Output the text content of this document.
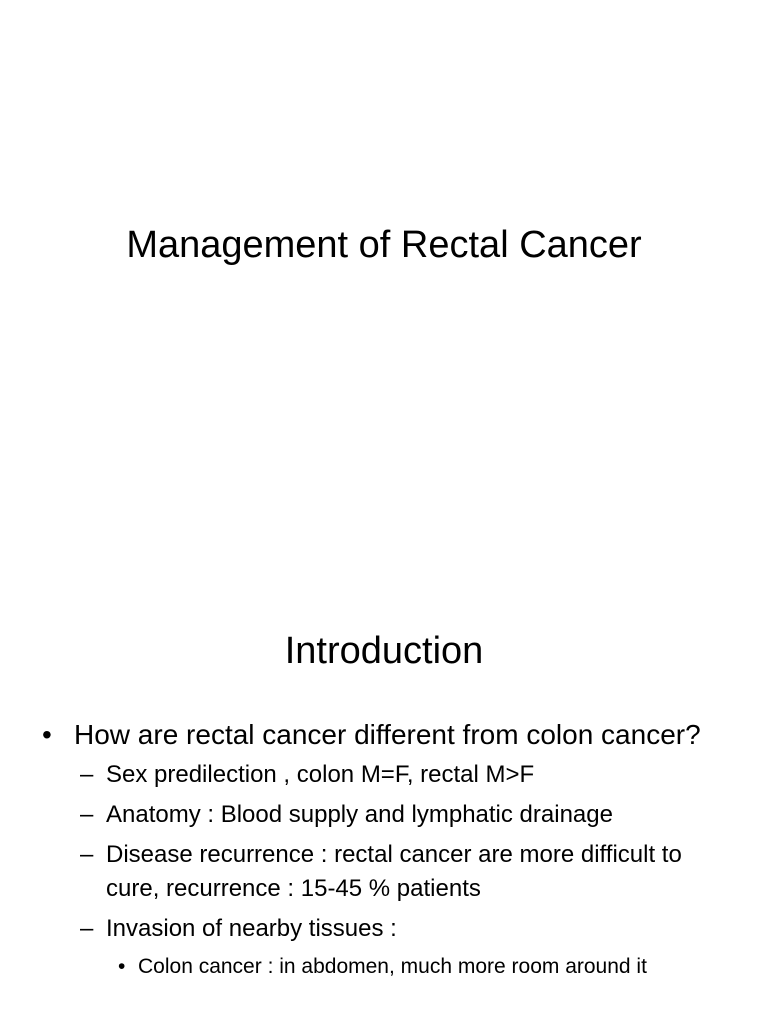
Management of Rectal Cancer
Introduction
• How are rectal cancer different from colon cancer?
– Sex predilection , colon M=F, rectal M>F
– Anatomy : Blood supply and lymphatic drainage
– Disease recurrence : rectal cancer are more difficult to cure, recurrence : 15-45 % patients
– Invasion of nearby tissues :
• Colon cancer : in abdomen, much more room around it
